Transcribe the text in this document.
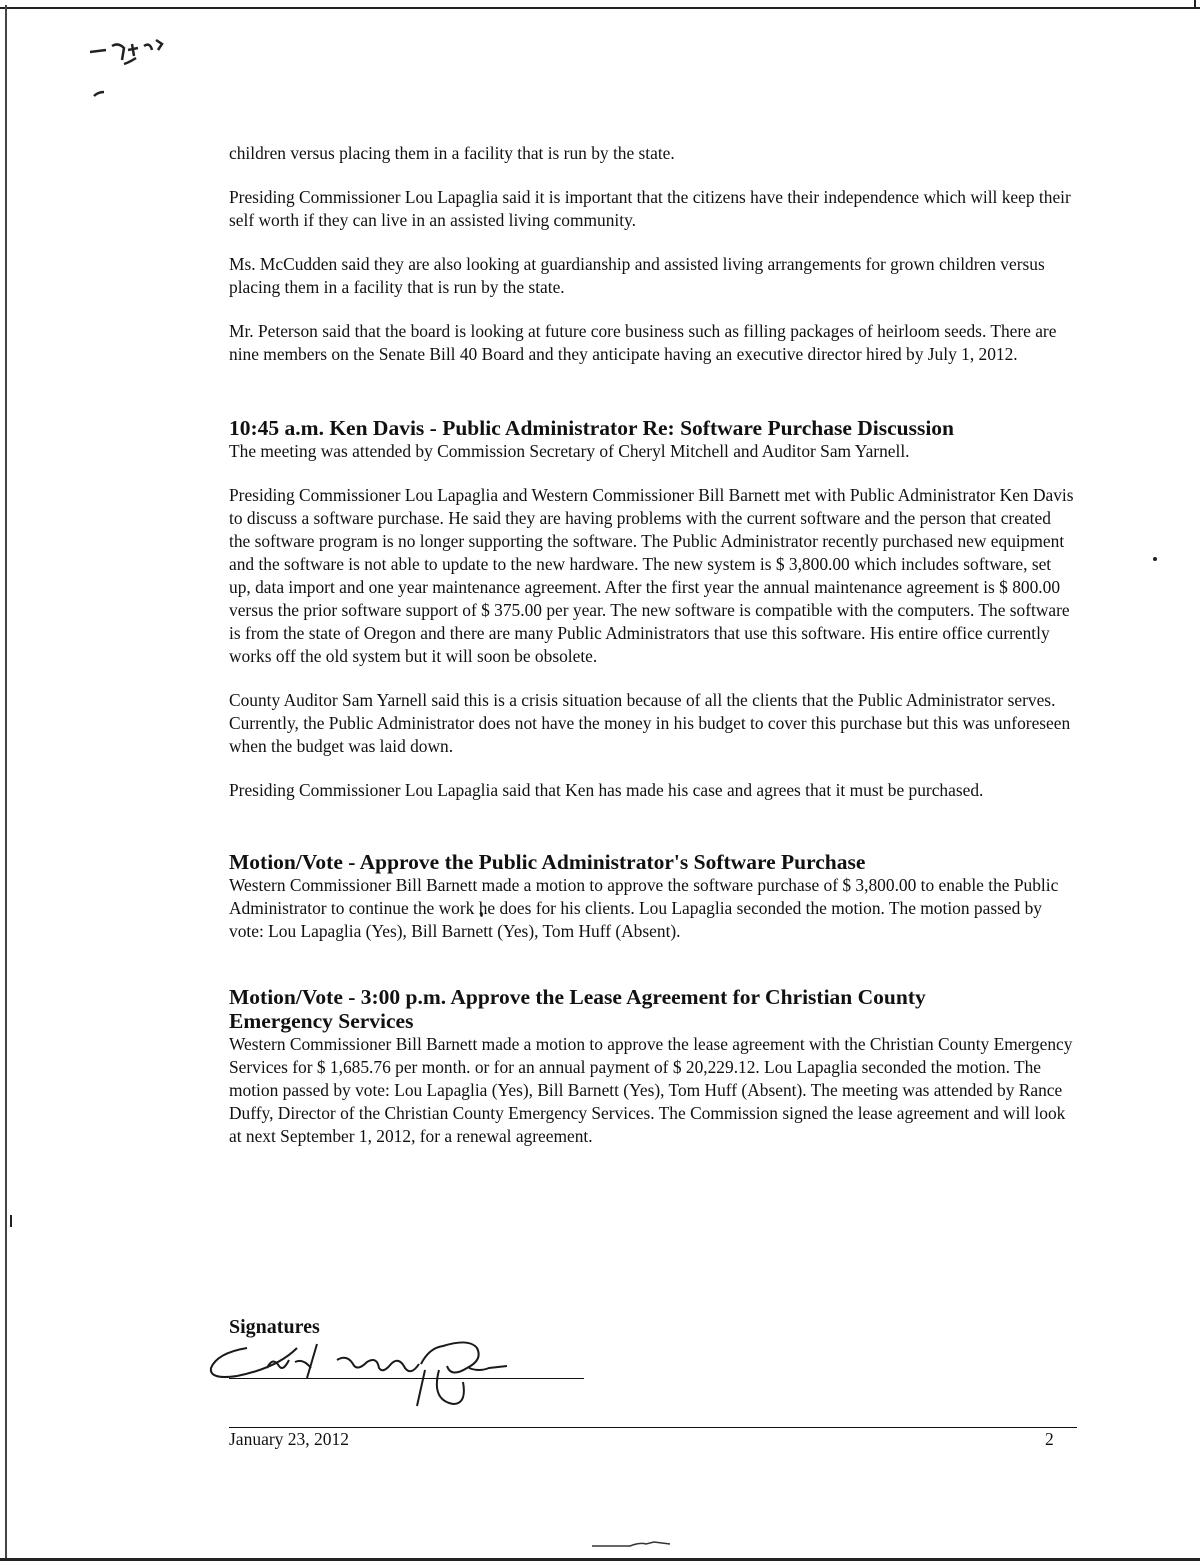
children versus placing them in a facility that is run by the state.

Presiding Commissioner Lou Lapaglia said it is important that the citizens have their independence which will keep their self worth if they can live in an assisted living community.

Ms. McCudden said they are also looking at guardianship and assisted living arrangements for grown children versus placing them in a facility that is run by the state.

Mr. Peterson said that the board is looking at future core business such as filling packages of heirloom seeds. There are nine members on the Senate Bill 40 Board and they anticipate having an executive director hired by July 1, 2012.

10:45 a.m. Ken Davis - Public Administrator Re: Software Purchase Discussion

The meeting was attended by Commission Secretary of Cheryl Mitchell and Auditor Sam Yarnell.

Presiding Commissioner Lou Lapaglia and Western Commissioner Bill Barnett met with Public Administrator Ken Davis to discuss a software purchase. He said they are having problems with the current software and the person that created the software program is no longer supporting the software. The Public Administrator recently purchased new equipment and the software is not able to update to the new hardware. The new system is $ 3,800.00 which includes software, set up, data import and one year maintenance agreement. After the first year the annual maintenance agreement is $ 800.00 versus the prior software support of $ 375.00 per year. The new software is compatible with the computers. The software is from the state of Oregon and there are many Public Administrators that use this software. His entire office currently works off the old system but it will soon be obsolete.

County Auditor Sam Yarnell said this is a crisis situation because of all the clients that the Public Administrator serves. Currently, the Public Administrator does not have the money in his budget to cover this purchase but this was unforeseen when the budget was laid down.

Presiding Commissioner Lou Lapaglia said that Ken has made his case and agrees that it must be purchased.

Motion/Vote - Approve the Public Administrator's Software Purchase

Western Commissioner Bill Barnett made a motion to approve the software purchase of $ 3,800.00 to enable the Public Administrator to continue the work he does for his clients. Lou Lapaglia seconded the motion. The motion passed by vote: Lou Lapaglia (Yes), Bill Barnett (Yes), Tom Huff (Absent).

Motion/Vote - 3:00 p.m. Approve the Lease Agreement for Christian County Emergency Services

Western Commissioner Bill Barnett made a motion to approve the lease agreement with the Christian County Emergency Services for $ 1,685.76 per month. or for an annual payment of $ 20,229.12. Lou Lapaglia seconded the motion. The motion passed by vote: Lou Lapaglia (Yes), Bill Barnett (Yes), Tom Huff (Absent). The meeting was attended by Rance Duffy, Director of the Christian County Emergency Services. The Commission signed the lease agreement and will look at next September 1, 2012, for a renewal agreement.

Signatures
January 23, 2012	2
